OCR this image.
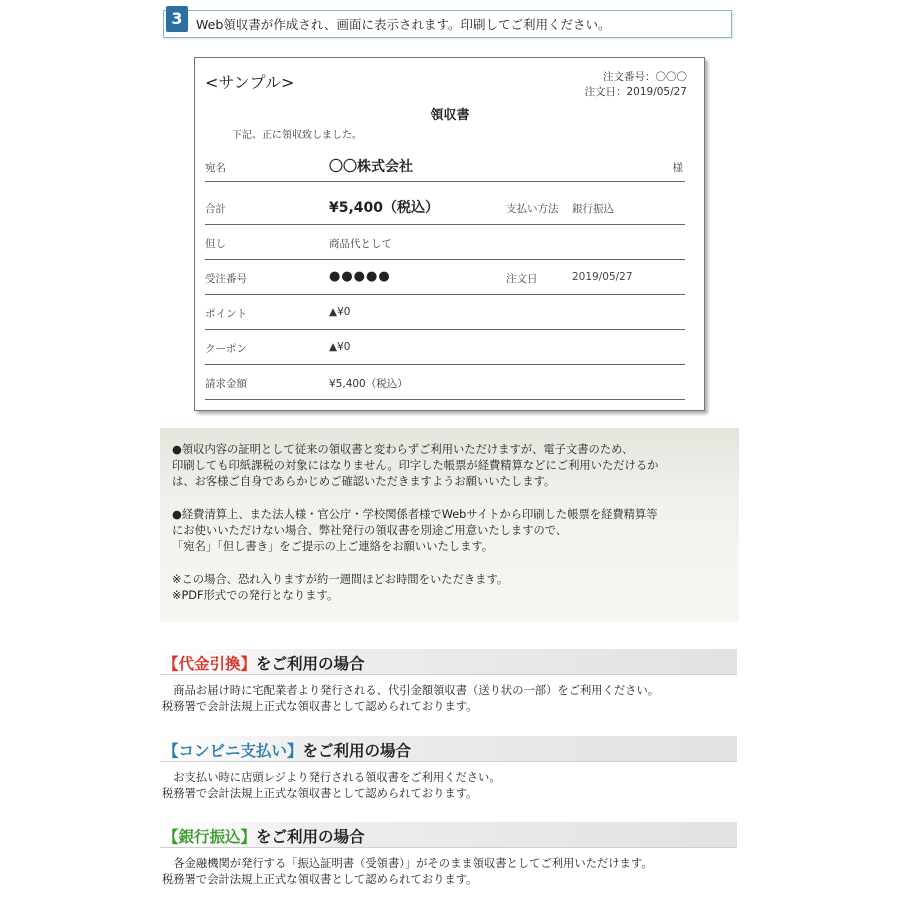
3	Web領収書が作成され、画面に表示されます。印刷してご利用ください。
<サンプル>	注文番号：〇〇〇
注文日：2019/05/27
領収書
下記、正に領収致しました。
宛名	〇〇株式会社	様
合計	¥5,400（税込）	支払い方法 銀行振込
但し	商品代として
受注番号	●●●●●	注文日	2019/05/27
ポイント	▲¥0
クーポン	▲¥0
請求金額	¥5,400（税込）
●領収内容の証明として従来の領収書と変わらずご利用いただけますが、電子文書のため、
印刷しても印紙課税の対象にはなりません。印字した帳票が経費精算などにご利用いただけるか
は、お客様ご自身であらかじめご確認いただきますようお願いいたします。
●経費清算上、また法人様・官公庁・学校関係者様でWebサイトから印刷した帳票を経費精算等
にお使いいただけない場合、弊社発行の領収書を別途ご用意いたしますので、
「宛名」「但し書き」をご提示の上ご連絡をお願いいたします。
※この場合、恐れ入りますが約一週間ほどお時間をいただきます。
※PDF形式での発行となります。
【代金引換】をご利用の場合
　商品お届け時に宅配業者より発行される、代引金額領収書（送り状の一部）をご利用ください。
税務署で会計法規上正式な領収書として認められております。
【コンビニ支払い】をご利用の場合
　お支払い時に店頭レジより発行される領収書をご利用ください。
税務署で会計法規上正式な領収書として認められております。
【銀行振込】をご利用の場合
　各金融機関が発行する「振込証明書（受領書）」がそのまま領収書としてご利用いただけます。
税務署で会計法規上正式な領収書として認められております。
